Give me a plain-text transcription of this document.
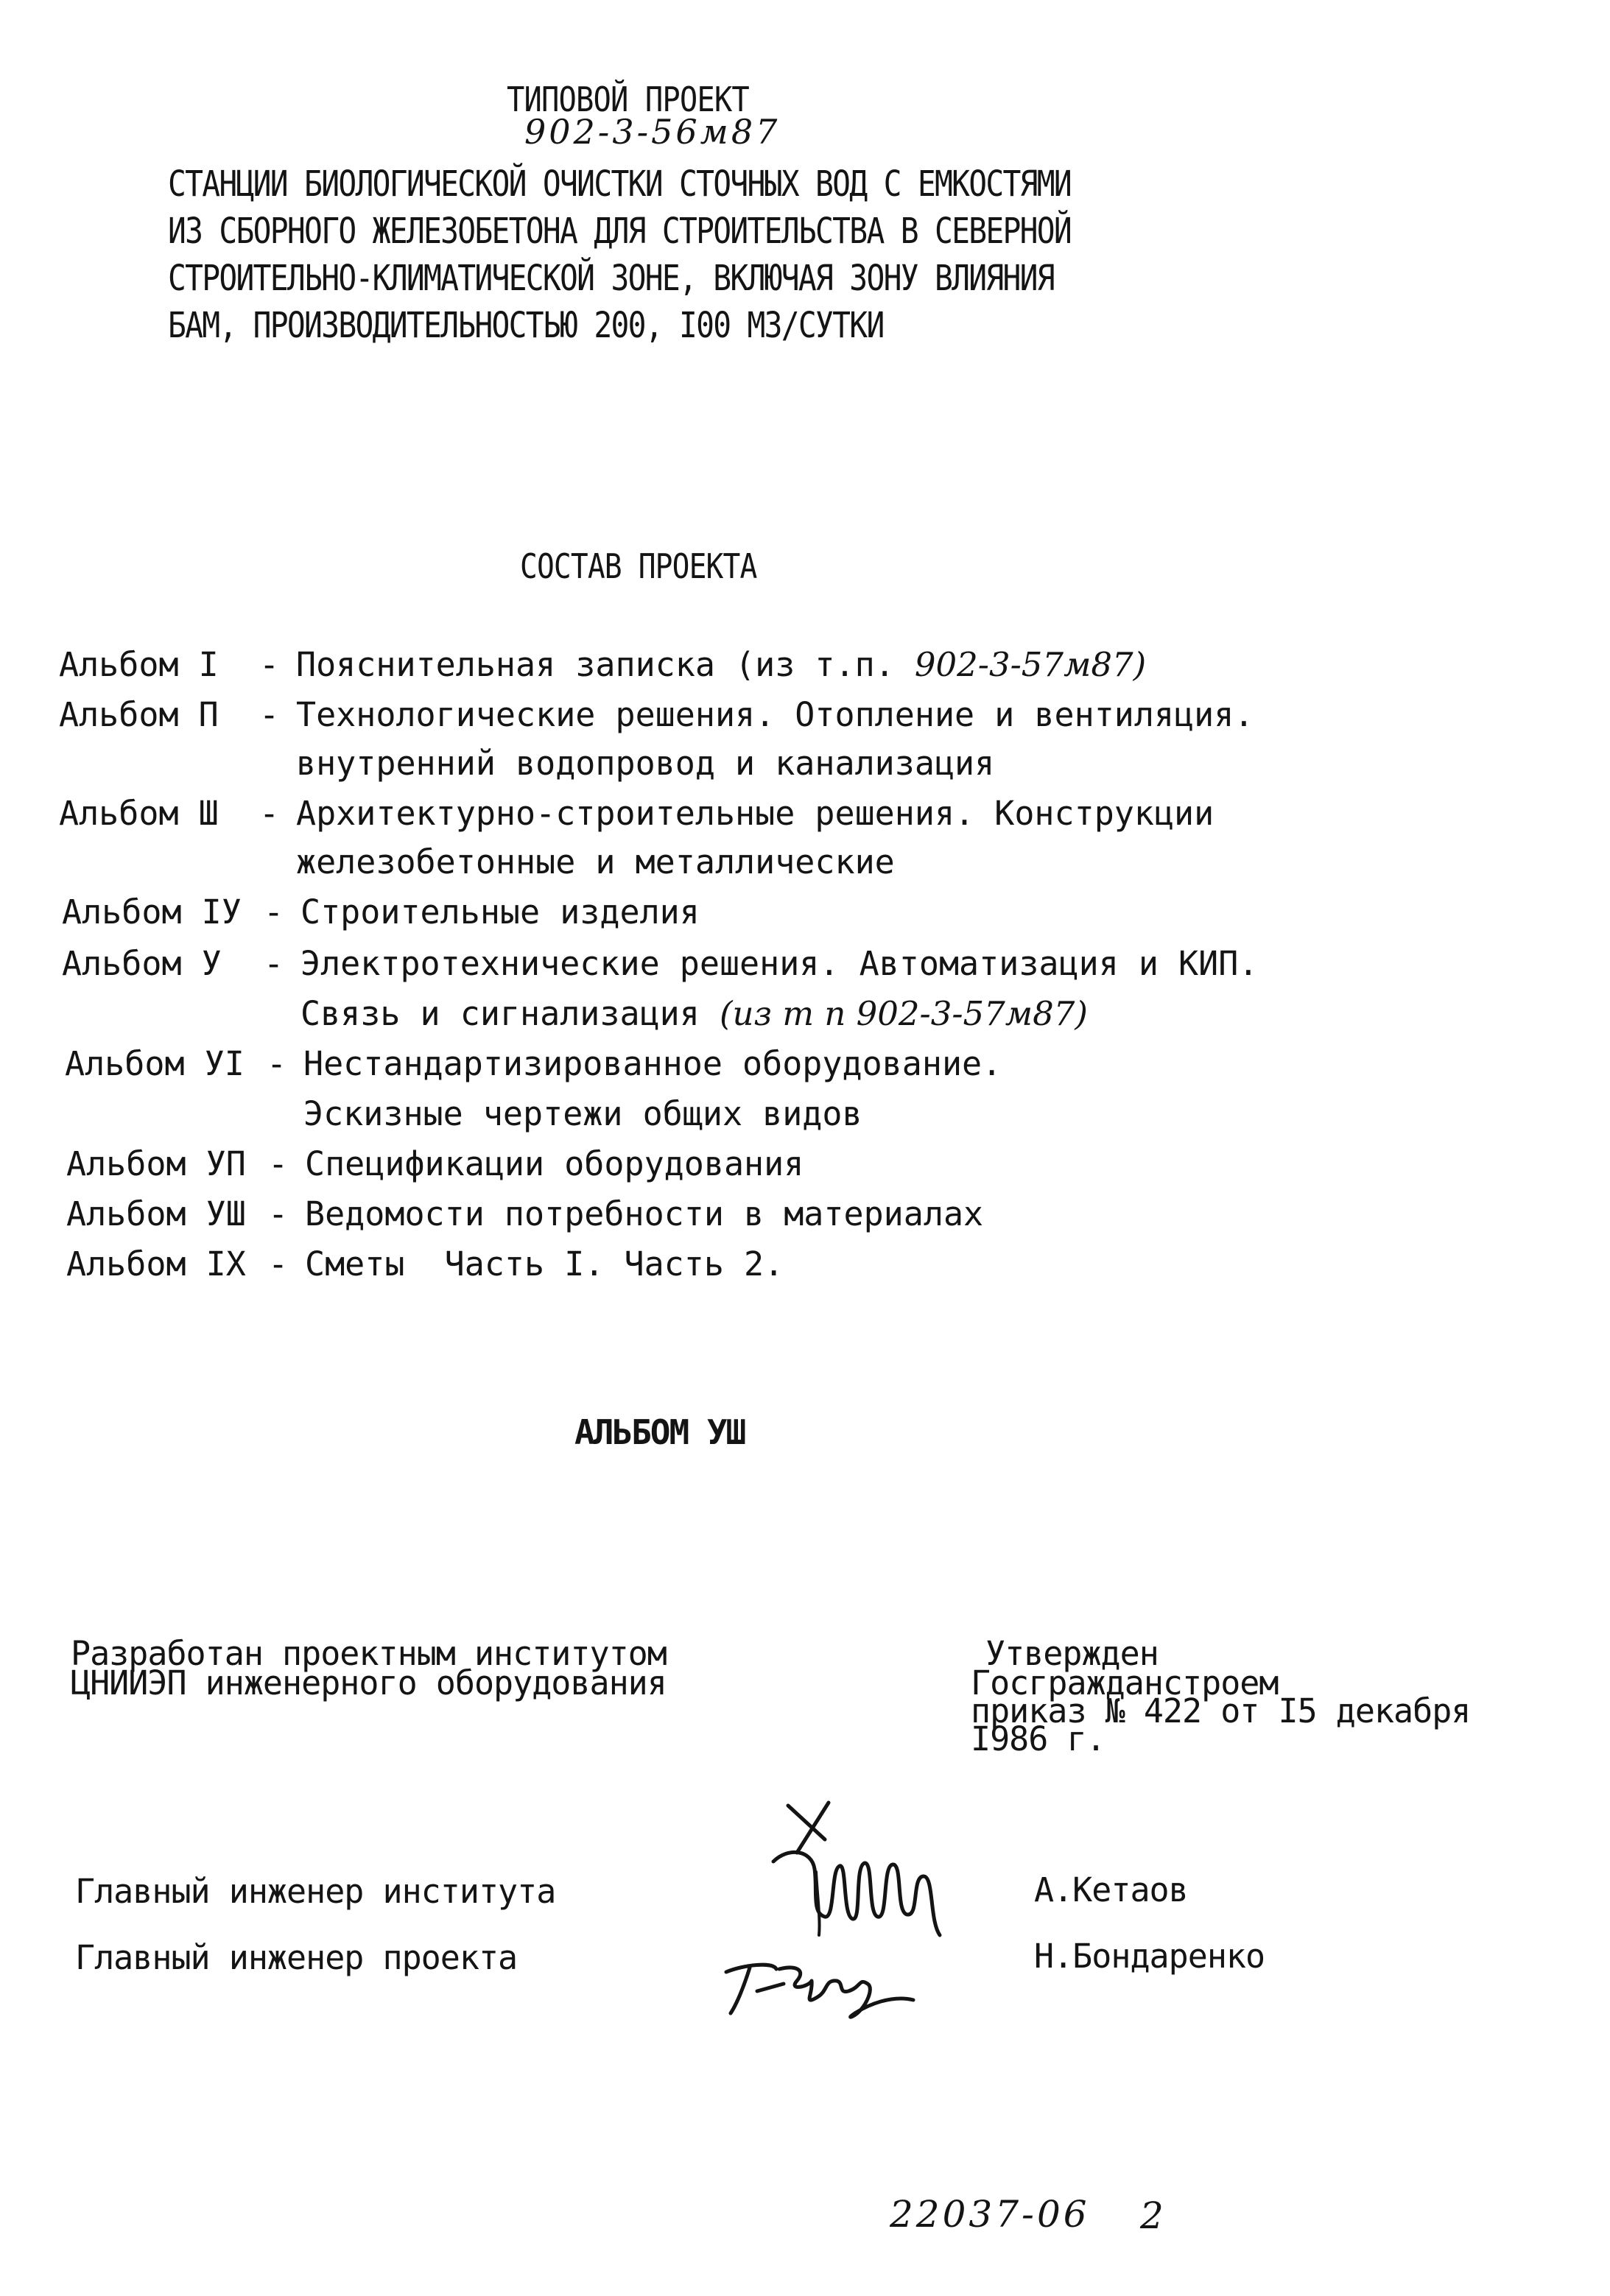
ТИПОВОЙ ПРОЕКТ
902-3-56м87
СТАНЦИИ БИОЛОГИЧЕСКОЙ ОЧИСТКИ СТОЧНЫХ ВОД С ЕМКОСТЯМИ
ИЗ СБОРНОГО ЖЕЛЕЗОБЕТОНА ДЛЯ СТРОИТЕЛЬСТВА В СЕВЕРНОЙ
СТРОИТЕЛЬНО-КЛИМАТИЧЕСКОЙ ЗОНЕ, ВКЛЮЧАЯ ЗОНУ ВЛИЯНИЯ
БАМ, ПРОИЗВОДИТЕЛЬНОСТЬЮ 200, I00 М3/СУТКИ
СОСТАВ ПРОЕКТА
Альбом I - Пояснительная записка (из т.п. 902-3-57м87)
Альбом П - Технологические решения. Отопление и вентиляция.
внутренний водопровод и канализация
Альбом Ш - Архитектурно-строительные решения. Конструкции
железобетонные и металлические
Альбом IУ - Строительные изделия
Альбом У - Электротехнические решения. Автоматизация и КИП.
Связь и сигнализация (из т п 902-3-57м87)
Альбом УI - Нестандартизированное оборудование.
Эскизные чертежи общих видов
Альбом УП - Спецификации оборудования
Альбом УШ - Ведомости потребности в материалах
Альбом IX - Сметы  Часть I. Часть 2.
АЛЬБОМ УШ
Разработан проектным институтом
ЦНИИЭП инженерного оборудования
Утвержден
Госгражданстроем
приказ № 422 от I5 декабря
I986 г.
Главный инженер института	А.Кетаов
Главный инженер проекта	Н.Бондаренко

22037-06 2
